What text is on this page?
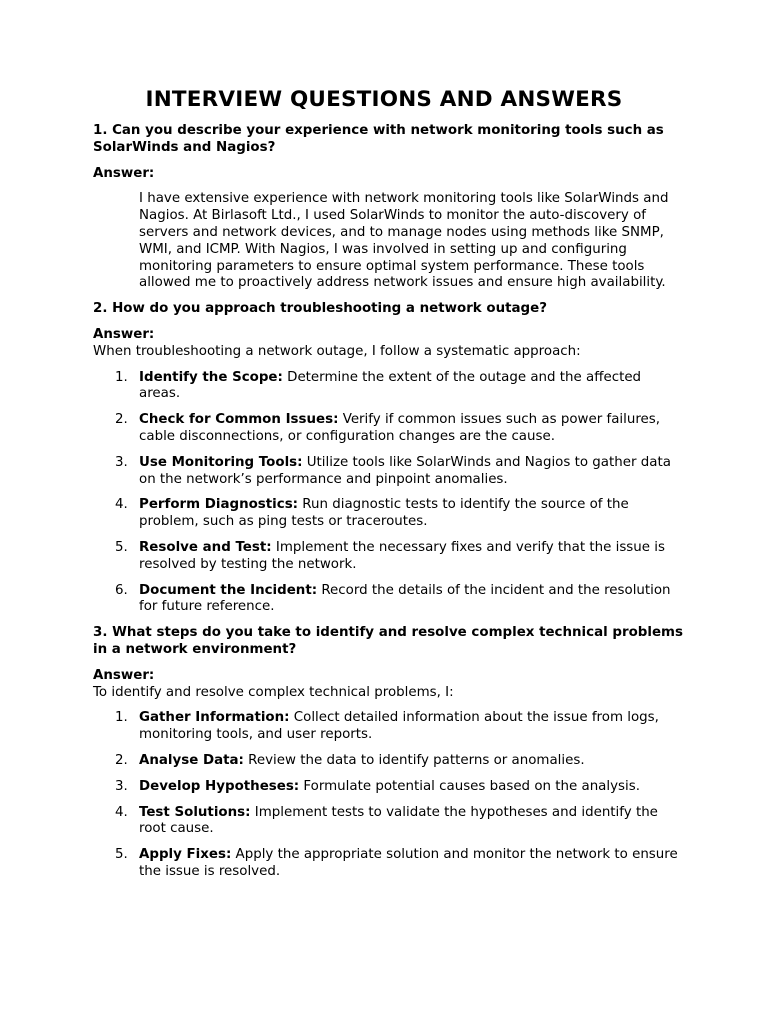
INTERVIEW QUESTIONS AND ANSWERS

1. Can you describe your experience with network monitoring tools such as SolarWinds and Nagios?

Answer:

I have extensive experience with network monitoring tools like SolarWinds and Nagios. At Birlasoft Ltd., I used SolarWinds to monitor the auto-discovery of servers and network devices, and to manage nodes using methods like SNMP, WMI, and ICMP. With Nagios, I was involved in setting up and configuring monitoring parameters to ensure optimal system performance. These tools allowed me to proactively address network issues and ensure high availability.

2. How do you approach troubleshooting a network outage?

Answer:

When troubleshooting a network outage, I follow a systematic approach:

1. Identify the Scope: Determine the extent of the outage and the affected areas.
2. Check for Common Issues: Verify if common issues such as power failures, cable disconnections, or configuration changes are the cause.
3. Use Monitoring Tools: Utilize tools like SolarWinds and Nagios to gather data on the network’s performance and pinpoint anomalies.
4. Perform Diagnostics: Run diagnostic tests to identify the source of the problem, such as ping tests or traceroutes.
5. Resolve and Test: Implement the necessary fixes and verify that the issue is resolved by testing the network.
6. Document the Incident: Record the details of the incident and the resolution for future reference.

3. What steps do you take to identify and resolve complex technical problems in a network environment?

Answer:

To identify and resolve complex technical problems, I:

1. Gather Information: Collect detailed information about the issue from logs, monitoring tools, and user reports.
2. Analyse Data: Review the data to identify patterns or anomalies.
3. Develop Hypotheses: Formulate potential causes based on the analysis.
4. Test Solutions: Implement tests to validate the hypotheses and identify the root cause.
5. Apply Fixes: Apply the appropriate solution and monitor the network to ensure the issue is resolved.
